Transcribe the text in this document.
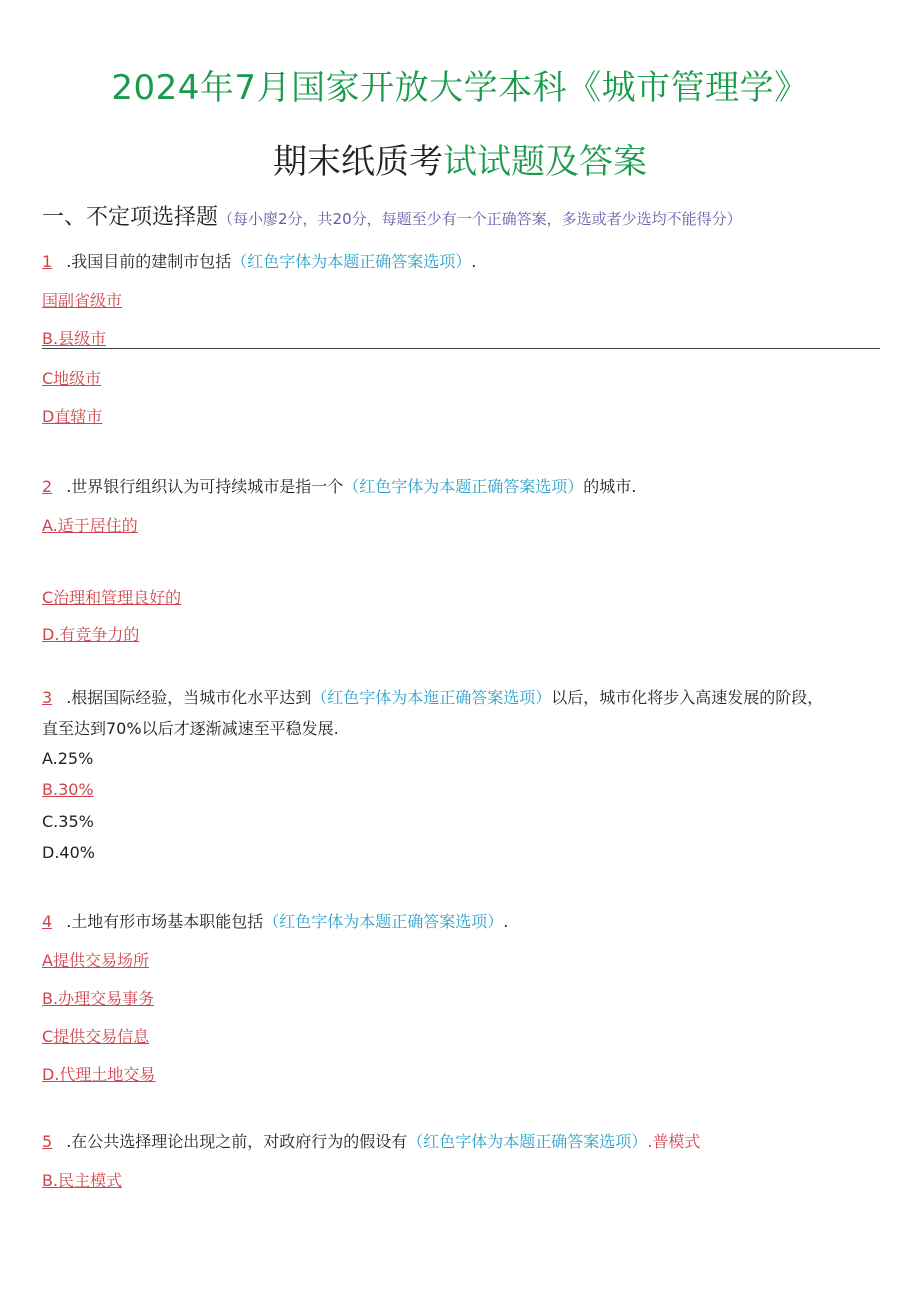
2024年7月国家开放大学本科《城市管理学》
期末纸质考试试题及答案
一、不定项选择题（每小廖2分，共20分，每题至少有一个正确答案，多选或者少选均不能得分）
1 .我国目前的建制市包括（红色字体为本题正确答案选项）.
国副省级市
B.县级市
C地级市
D直辖市
2 .世界银行组织认为可持续城市是指一个（红色字体为本题正确答案选项）的城市.
A.适于居住的
C治理和管理良好的
D.有竞争力的
3 .根据国际经验，当城市化水平达到（红色字体为本迤正确答案选项）以后，城市化将步入高速发展的阶段，
直至达到70%以后才逐渐减速至平稳发展.
A.25%
B.30%
C.35%
D.40%
4 .土地有形市场基本职能包括（红色字体为本题正确答案选项）.
A提供交易场所
B.办理交易事务
C提供交易信息
D.代理土地交易
5 .在公共选择理论出现之前，对政府行为的假设有（红色字体为本题正确答案选项）.普模式
B.民主模式
